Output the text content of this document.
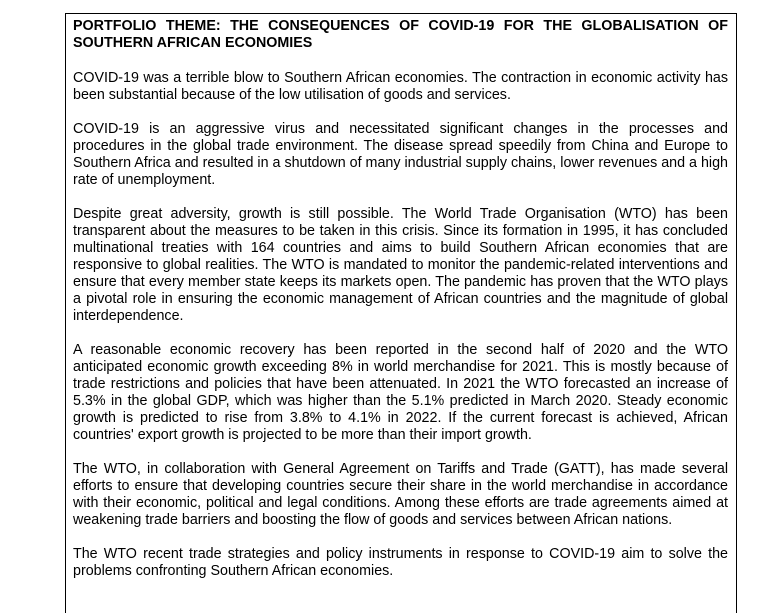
PORTFOLIO THEME: THE CONSEQUENCES OF COVID-19 FOR THE GLOBALISATION OF SOUTHERN AFRICAN ECONOMIES

COVID-19 was a terrible blow to Southern African economies. The contraction in economic activity has been substantial because of the low utilisation of goods and services.

COVID-19 is an aggressive virus and necessitated significant changes in the processes and procedures in the global trade environment. The disease spread speedily from China and Europe to Southern Africa and resulted in a shutdown of many industrial supply chains, lower revenues and a high rate of unemployment.

Despite great adversity, growth is still possible. The World Trade Organisation (WTO) has been transparent about the measures to be taken in this crisis. Since its formation in 1995, it has concluded multinational treaties with 164 countries and aims to build Southern African economies that are responsive to global realities. The WTO is mandated to monitor the pandemic-related interventions and ensure that every member state keeps its markets open. The pandemic has proven that the WTO plays a pivotal role in ensuring the economic management of African countries and the magnitude of global interdependence.

A reasonable economic recovery has been reported in the second half of 2020 and the WTO anticipated economic growth exceeding 8% in world merchandise for 2021. This is mostly because of trade restrictions and policies that have been attenuated. In 2021 the WTO forecasted an increase of 5.3% in the global GDP, which was higher than the 5.1% predicted in March 2020. Steady economic growth is predicted to rise from 3.8% to 4.1% in 2022. If the current forecast is achieved, African countries' export growth is projected to be more than their import growth.

The WTO, in collaboration with General Agreement on Tariffs and Trade (GATT), has made several efforts to ensure that developing countries secure their share in the world merchandise in accordance with their economic, political and legal conditions. Among these efforts are trade agreements aimed at weakening trade barriers and boosting the flow of goods and services between African nations.

The WTO recent trade strategies and policy instruments in response to COVID-19 aim to solve the problems confronting Southern African economies.
